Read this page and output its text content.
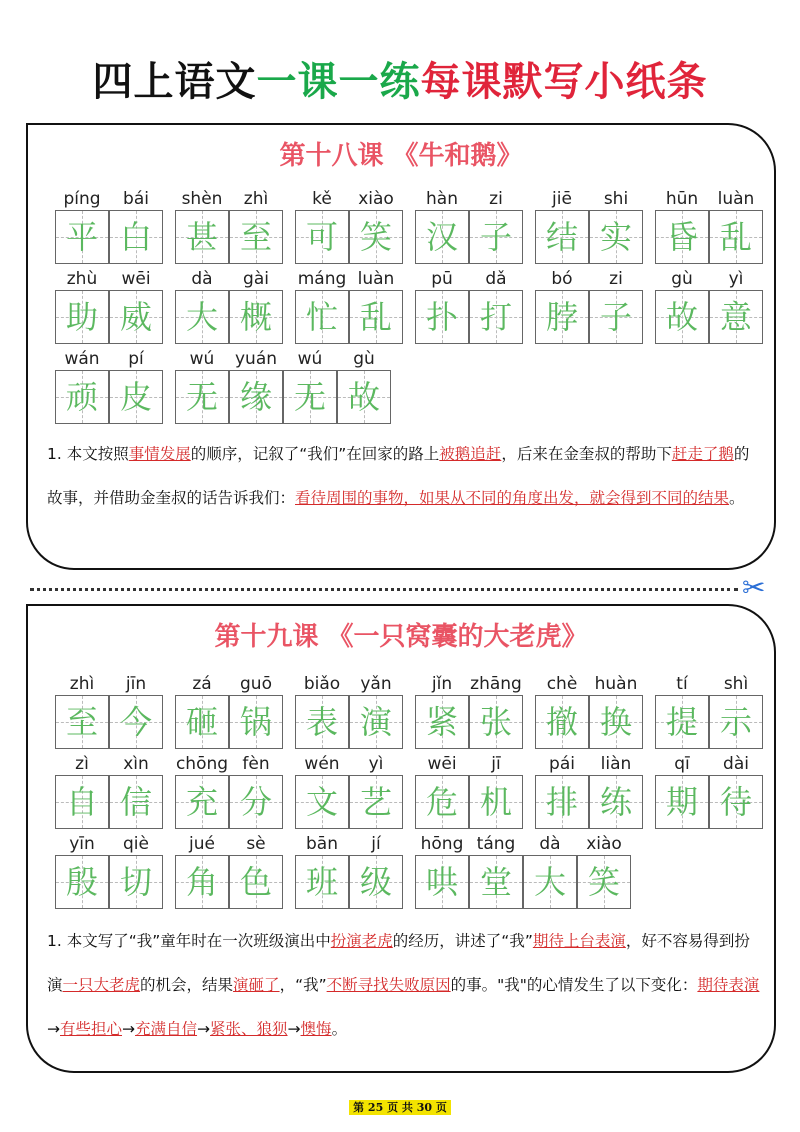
四上语文一课一练每课默写小纸条
第十八课 《牛和鹅》
píng
平
bái
白
shèn
甚
zhì
至
kě
可
xiào
笑
hàn
汉
zi
子
jiē
结
shi
实
hūn
昏
luàn
乱
zhù
助
wēi
威
dà
大
gài
概
máng
忙
luàn
乱
pū
扑
dǎ
打
bó
脖
zi
子
gù
故
yì
意
wán
顽
pí
皮
wú
无
yuán
缘
wú
无
gù
故
1. 本文按照事情发展的顺序，记叙了“我们”在回家的路上被鹅追赶，后来在金奎叔的帮助下赶走了鹅的故事，并借助金奎叔的话告诉我们：看待周围的事物，如果从不同的角度出发，就会得到不同的结果。
✂
第十九课 《一只窝囊的大老虎》
zhì
至
jīn
今
zá
砸
guō
锅
biǎo
表
yǎn
演
jǐn
紧
zhāng
张
chè
撤
huàn
换
tí
提
shì
示
zì
自
xìn
信
chōng
充
fèn
分
wén
文
yì
艺
wēi
危
jī
机
pái
排
liàn
练
qī
期
dài
待
yīn
殷
qiè
切
jué
角
sè
色
bān
班
jí
级
hōng
哄
táng
堂
dà
大
xiào
笑
1. 本文写了“我”童年时在一次班级演出中扮演老虎的经历，讲述了“我”期待上台表演，好不容易得到扮演一只大老虎的机会，结果演砸了，“我”不断寻找失败原因的事。"我"的心情发生了以下变化：期待表演→有些担心→充满自信→紧张、狼狈→懊悔。
第 25 页 共 30 页
